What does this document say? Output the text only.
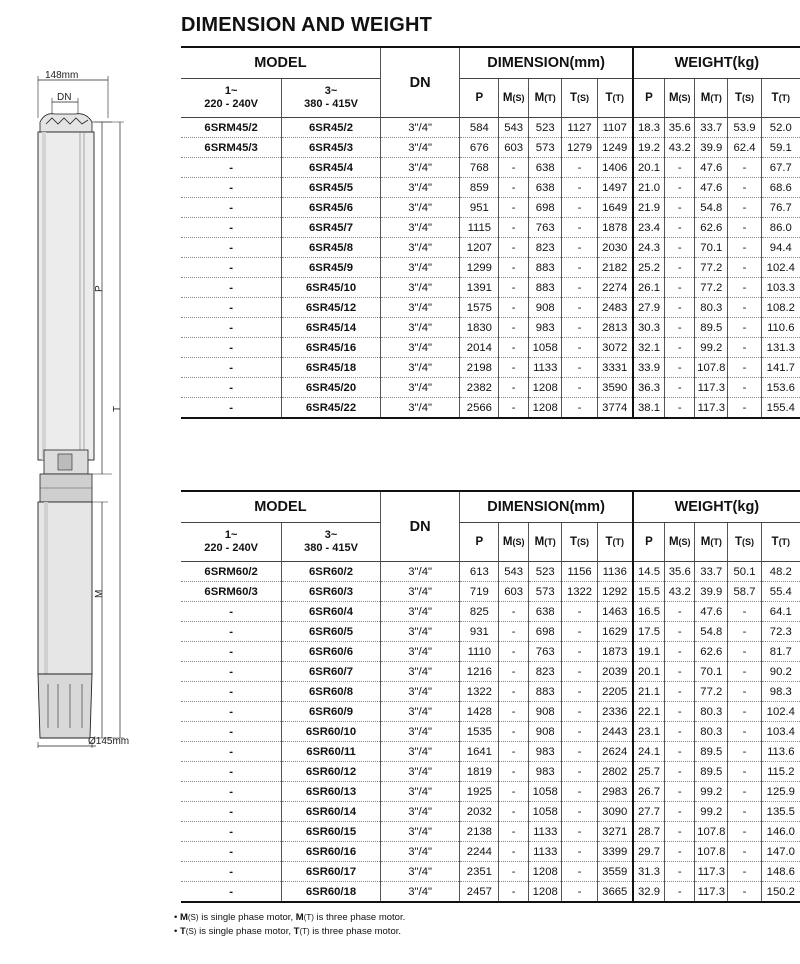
148mm
DN
P
T
M
Ø145mm
DIMENSION AND WEIGHT
MODEL		DN	DIMENSION(mm)					WEIGHT(kg)				
1~
220 - 240V	3~
380 - 415V		P	M(S)	M(T)	T(S)	T(T)	P	M(S)	M(T)	T(S)	T(T)
6SRM45/2	6SR45/2	3"/4"	584	543	523	1127	1107	18.3	35.6	33.7	53.9	52.0
6SRM45/3	6SR45/3	3"/4"	676	603	573	1279	1249	19.2	43.2	39.9	62.4	59.1
-	6SR45/4	3"/4"	768	-	638	-	1406	20.1	-	47.6	-	67.7
-	6SR45/5	3"/4"	859	-	638	-	1497	21.0	-	47.6	-	68.6
-	6SR45/6	3"/4"	951	-	698	-	1649	21.9	-	54.8	-	76.7
-	6SR45/7	3"/4"	1115	-	763	-	1878	23.4	-	62.6	-	86.0
-	6SR45/8	3"/4"	1207	-	823	-	2030	24.3	-	70.1	-	94.4
-	6SR45/9	3"/4"	1299	-	883	-	2182	25.2	-	77.2	-	102.4
-	6SR45/10	3"/4"	1391	-	883	-	2274	26.1	-	77.2	-	103.3
-	6SR45/12	3"/4"	1575	-	908	-	2483	27.9	-	80.3	-	108.2
-	6SR45/14	3"/4"	1830	-	983	-	2813	30.3	-	89.5	-	110.6
-	6SR45/16	3"/4"	2014	-	1058	-	3072	32.1	-	99.2	-	131.3
-	6SR45/18	3"/4"	2198	-	1133	-	3331	33.9	-	107.8	-	141.7
-	6SR45/20	3"/4"	2382	-	1208	-	3590	36.3	-	117.3	-	153.6
-	6SR45/22	3"/4"	2566	-	1208	-	3774	38.1	-	117.3	-	155.4
MODEL		DN	DIMENSION(mm)					WEIGHT(kg)				
1~
220 - 240V	3~
380 - 415V		P	M(S)	M(T)	T(S)	T(T)	P	M(S)	M(T)	T(S)	T(T)
6SRM60/2	6SR60/2	3"/4"	613	543	523	1156	1136	14.5	35.6	33.7	50.1	48.2
6SRM60/3	6SR60/3	3"/4"	719	603	573	1322	1292	15.5	43.2	39.9	58.7	55.4
-	6SR60/4	3"/4"	825	-	638	-	1463	16.5	-	47.6	-	64.1
-	6SR60/5	3"/4"	931	-	698	-	1629	17.5	-	54.8	-	72.3
-	6SR60/6	3"/4"	1110	-	763	-	1873	19.1	-	62.6	-	81.7
-	6SR60/7	3"/4"	1216	-	823	-	2039	20.1	-	70.1	-	90.2
-	6SR60/8	3"/4"	1322	-	883	-	2205	21.1	-	77.2	-	98.3
-	6SR60/9	3"/4"	1428	-	908	-	2336	22.1	-	80.3	-	102.4
-	6SR60/10	3"/4"	1535	-	908	-	2443	23.1	-	80.3	-	103.4
-	6SR60/11	3"/4"	1641	-	983	-	2624	24.1	-	89.5	-	113.6
-	6SR60/12	3"/4"	1819	-	983	-	2802	25.7	-	89.5	-	115.2
-	6SR60/13	3"/4"	1925	-	1058	-	2983	26.7	-	99.2	-	125.9
-	6SR60/14	3"/4"	2032	-	1058	-	3090	27.7	-	99.2	-	135.5
-	6SR60/15	3"/4"	2138	-	1133	-	3271	28.7	-	107.8	-	146.0
-	6SR60/16	3"/4"	2244	-	1133	-	3399	29.7	-	107.8	-	147.0
-	6SR60/17	3"/4"	2351	-	1208	-	3559	31.3	-	117.3	-	148.6
-	6SR60/18	3"/4"	2457	-	1208	-	3665	32.9	-	117.3	-	150.2
• M(S) is single phase motor, M(T) is three phase motor.
• T(S) is single phase motor, T(T) is three phase motor.
